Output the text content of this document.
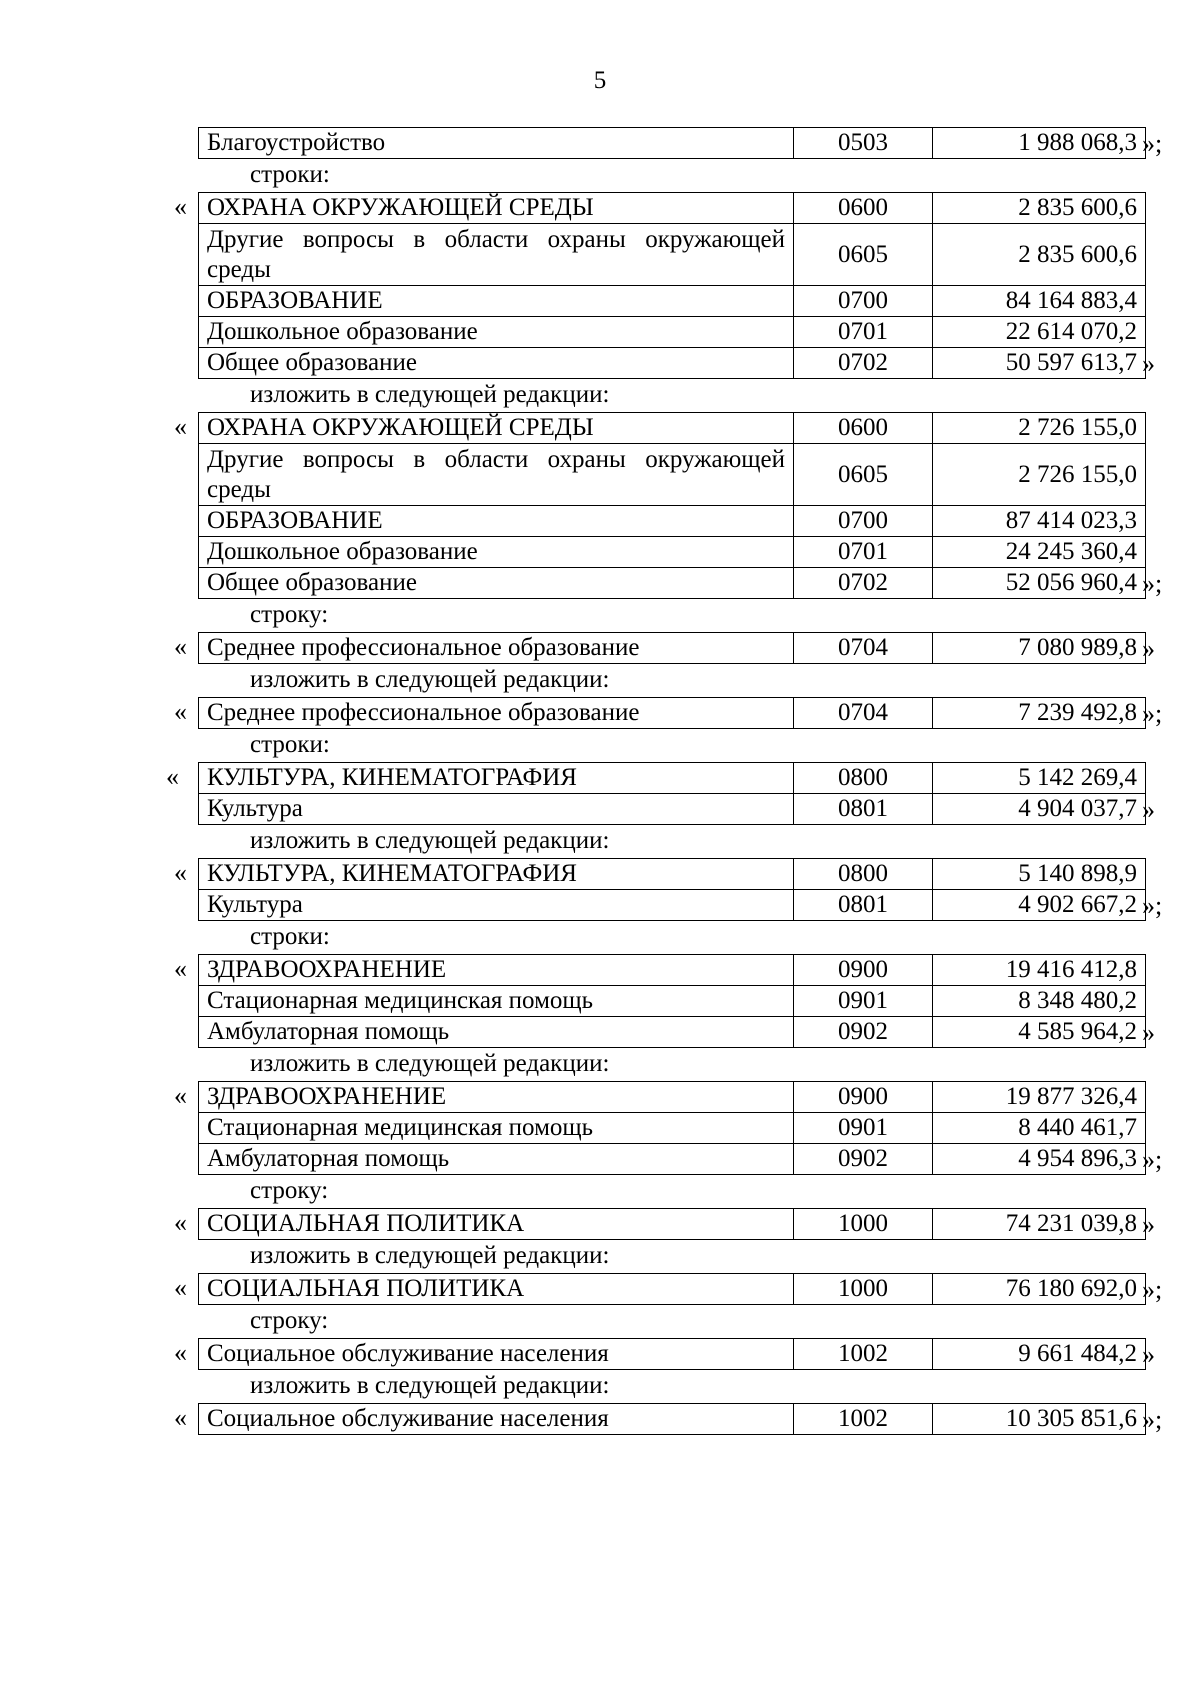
5
Благоустройство	0503	1 988 068,3 »;
строки:
« ОХРАНА ОКРУЖАЮЩЕЙ СРЕДЫ	0600	2 835 600,6
Другие вопросы в области охраны окружающей среды	0605	2 835 600,6
ОБРАЗОВАНИЕ	0700	84 164 883,4
Дошкольное образование	0701	22 614 070,2
Общее образование	0702	50 597 613,7 »
изложить в следующей редакции:
« ОХРАНА ОКРУЖАЮЩЕЙ СРЕДЫ	0600	2 726 155,0
Другие вопросы в области охраны окружающей среды	0605	2 726 155,0
ОБРАЗОВАНИЕ	0700	87 414 023,3
Дошкольное образование	0701	24 245 360,4
Общее образование	0702	52 056 960,4 »;
строку:
« Среднее профессиональное образование	0704	7 080 989,8 »
изложить в следующей редакции:
« Среднее профессиональное образование	0704	7 239 492,8 »;
строки:
« КУЛЬТУРА, КИНЕМАТОГРАФИЯ	0800	5 142 269,4
Культура	0801	4 904 037,7 »
изложить в следующей редакции:
« КУЛЬТУРА, КИНЕМАТОГРАФИЯ	0800	5 140 898,9
Культура	0801	4 902 667,2 »;
строки:
« ЗДРАВООХРАНЕНИЕ	0900	19 416 412,8
Стационарная медицинская помощь	0901	8 348 480,2
Амбулаторная помощь	0902	4 585 964,2 »
изложить в следующей редакции:
« ЗДРАВООХРАНЕНИЕ	0900	19 877 326,4
Стационарная медицинская помощь	0901	8 440 461,7
Амбулаторная помощь	0902	4 954 896,3 »;
строку:
« СОЦИАЛЬНАЯ ПОЛИТИКА	1000	74 231 039,8 »
изложить в следующей редакции:
« СОЦИАЛЬНАЯ ПОЛИТИКА	1000	76 180 692,0 »;
строку:
« Социальное обслуживание населения	1002	9 661 484,2 »
изложить в следующей редакции:
« Социальное обслуживание населения	1002	10 305 851,6 »;
